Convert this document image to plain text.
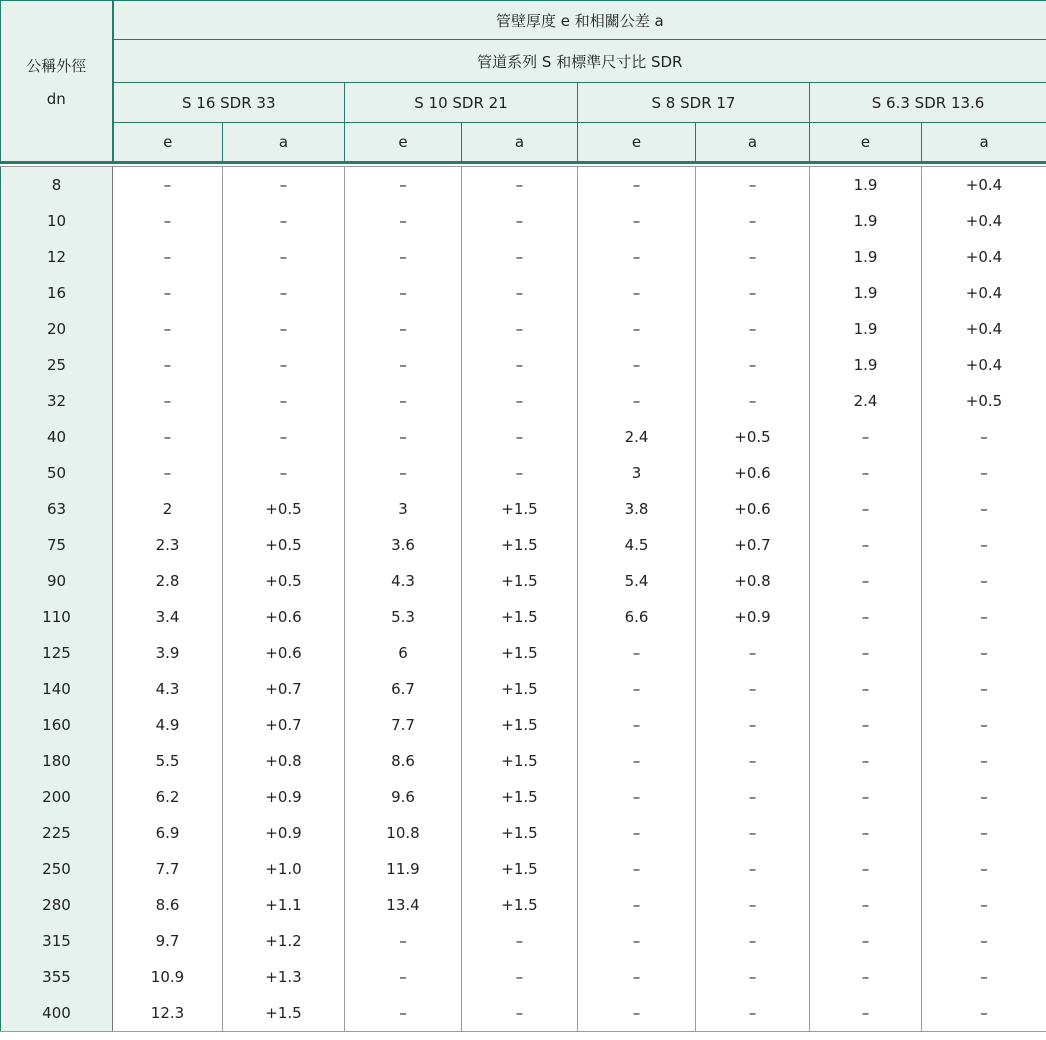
公稱外徑
dn	管壁厚度 e 和相關公差 a							
	管道系列 S 和標準尺寸比 SDR							
	S 16 SDR 33		S 10 SDR 21		S 8 SDR 17		S 6.3 SDR 13.6	
	e	a	e	a	e	a	e	a
8	–	–	–	–	–	–	1.9	+0.4
10	–	–	–	–	–	–	1.9	+0.4
12	–	–	–	–	–	–	1.9	+0.4
16	–	–	–	–	–	–	1.9	+0.4
20	–	–	–	–	–	–	1.9	+0.4
25	–	–	–	–	–	–	1.9	+0.4
32	–	–	–	–	–	–	2.4	+0.5
40	–	–	–	–	2.4	+0.5	–	–
50	–	–	–	–	3	+0.6	–	–
63	2	+0.5	3	+1.5	3.8	+0.6	–	–
75	2.3	+0.5	3.6	+1.5	4.5	+0.7	–	–
90	2.8	+0.5	4.3	+1.5	5.4	+0.8	–	–
110	3.4	+0.6	5.3	+1.5	6.6	+0.9	–	–
125	3.9	+0.6	6	+1.5	–	–	–	–
140	4.3	+0.7	6.7	+1.5	–	–	–	–
160	4.9	+0.7	7.7	+1.5	–	–	–	–
180	5.5	+0.8	8.6	+1.5	–	–	–	–
200	6.2	+0.9	9.6	+1.5	–	–	–	–
225	6.9	+0.9	10.8	+1.5	–	–	–	–
250	7.7	+1.0	11.9	+1.5	–	–	–	–
280	8.6	+1.1	13.4	+1.5	–	–	–	–
315	9.7	+1.2	–	–	–	–	–	–
355	10.9	+1.3	–	–	–	–	–	–
400	12.3	+1.5	–	–	–	–	–	–
